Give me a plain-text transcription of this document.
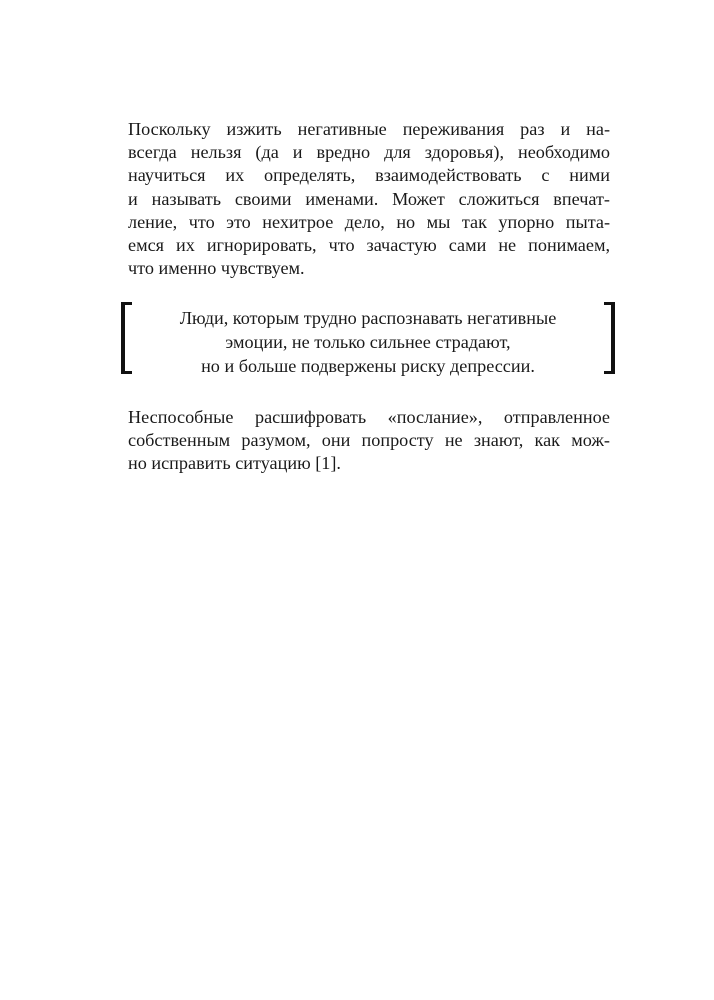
Поскольку изжить негативные переживания раз и на-
всегда нельзя (да и вредно для здоровья), необходимо
научиться их определять, взаимодействовать с ними
и называть своими именами. Может сложиться впечат-
ление, что это нехитрое дело, но мы так упорно пыта-
емся их игнорировать, что зачастую сами не понимаем,
что именно чувствуем.

Люди, которым трудно распознавать негативные
эмоции, не только сильнее страдают,
но и больше подвержены риску депрессии.

Неспособные расшифровать «послание», отправленное
собственным разумом, они попросту не знают, как мож-
но исправить ситуацию [1].
